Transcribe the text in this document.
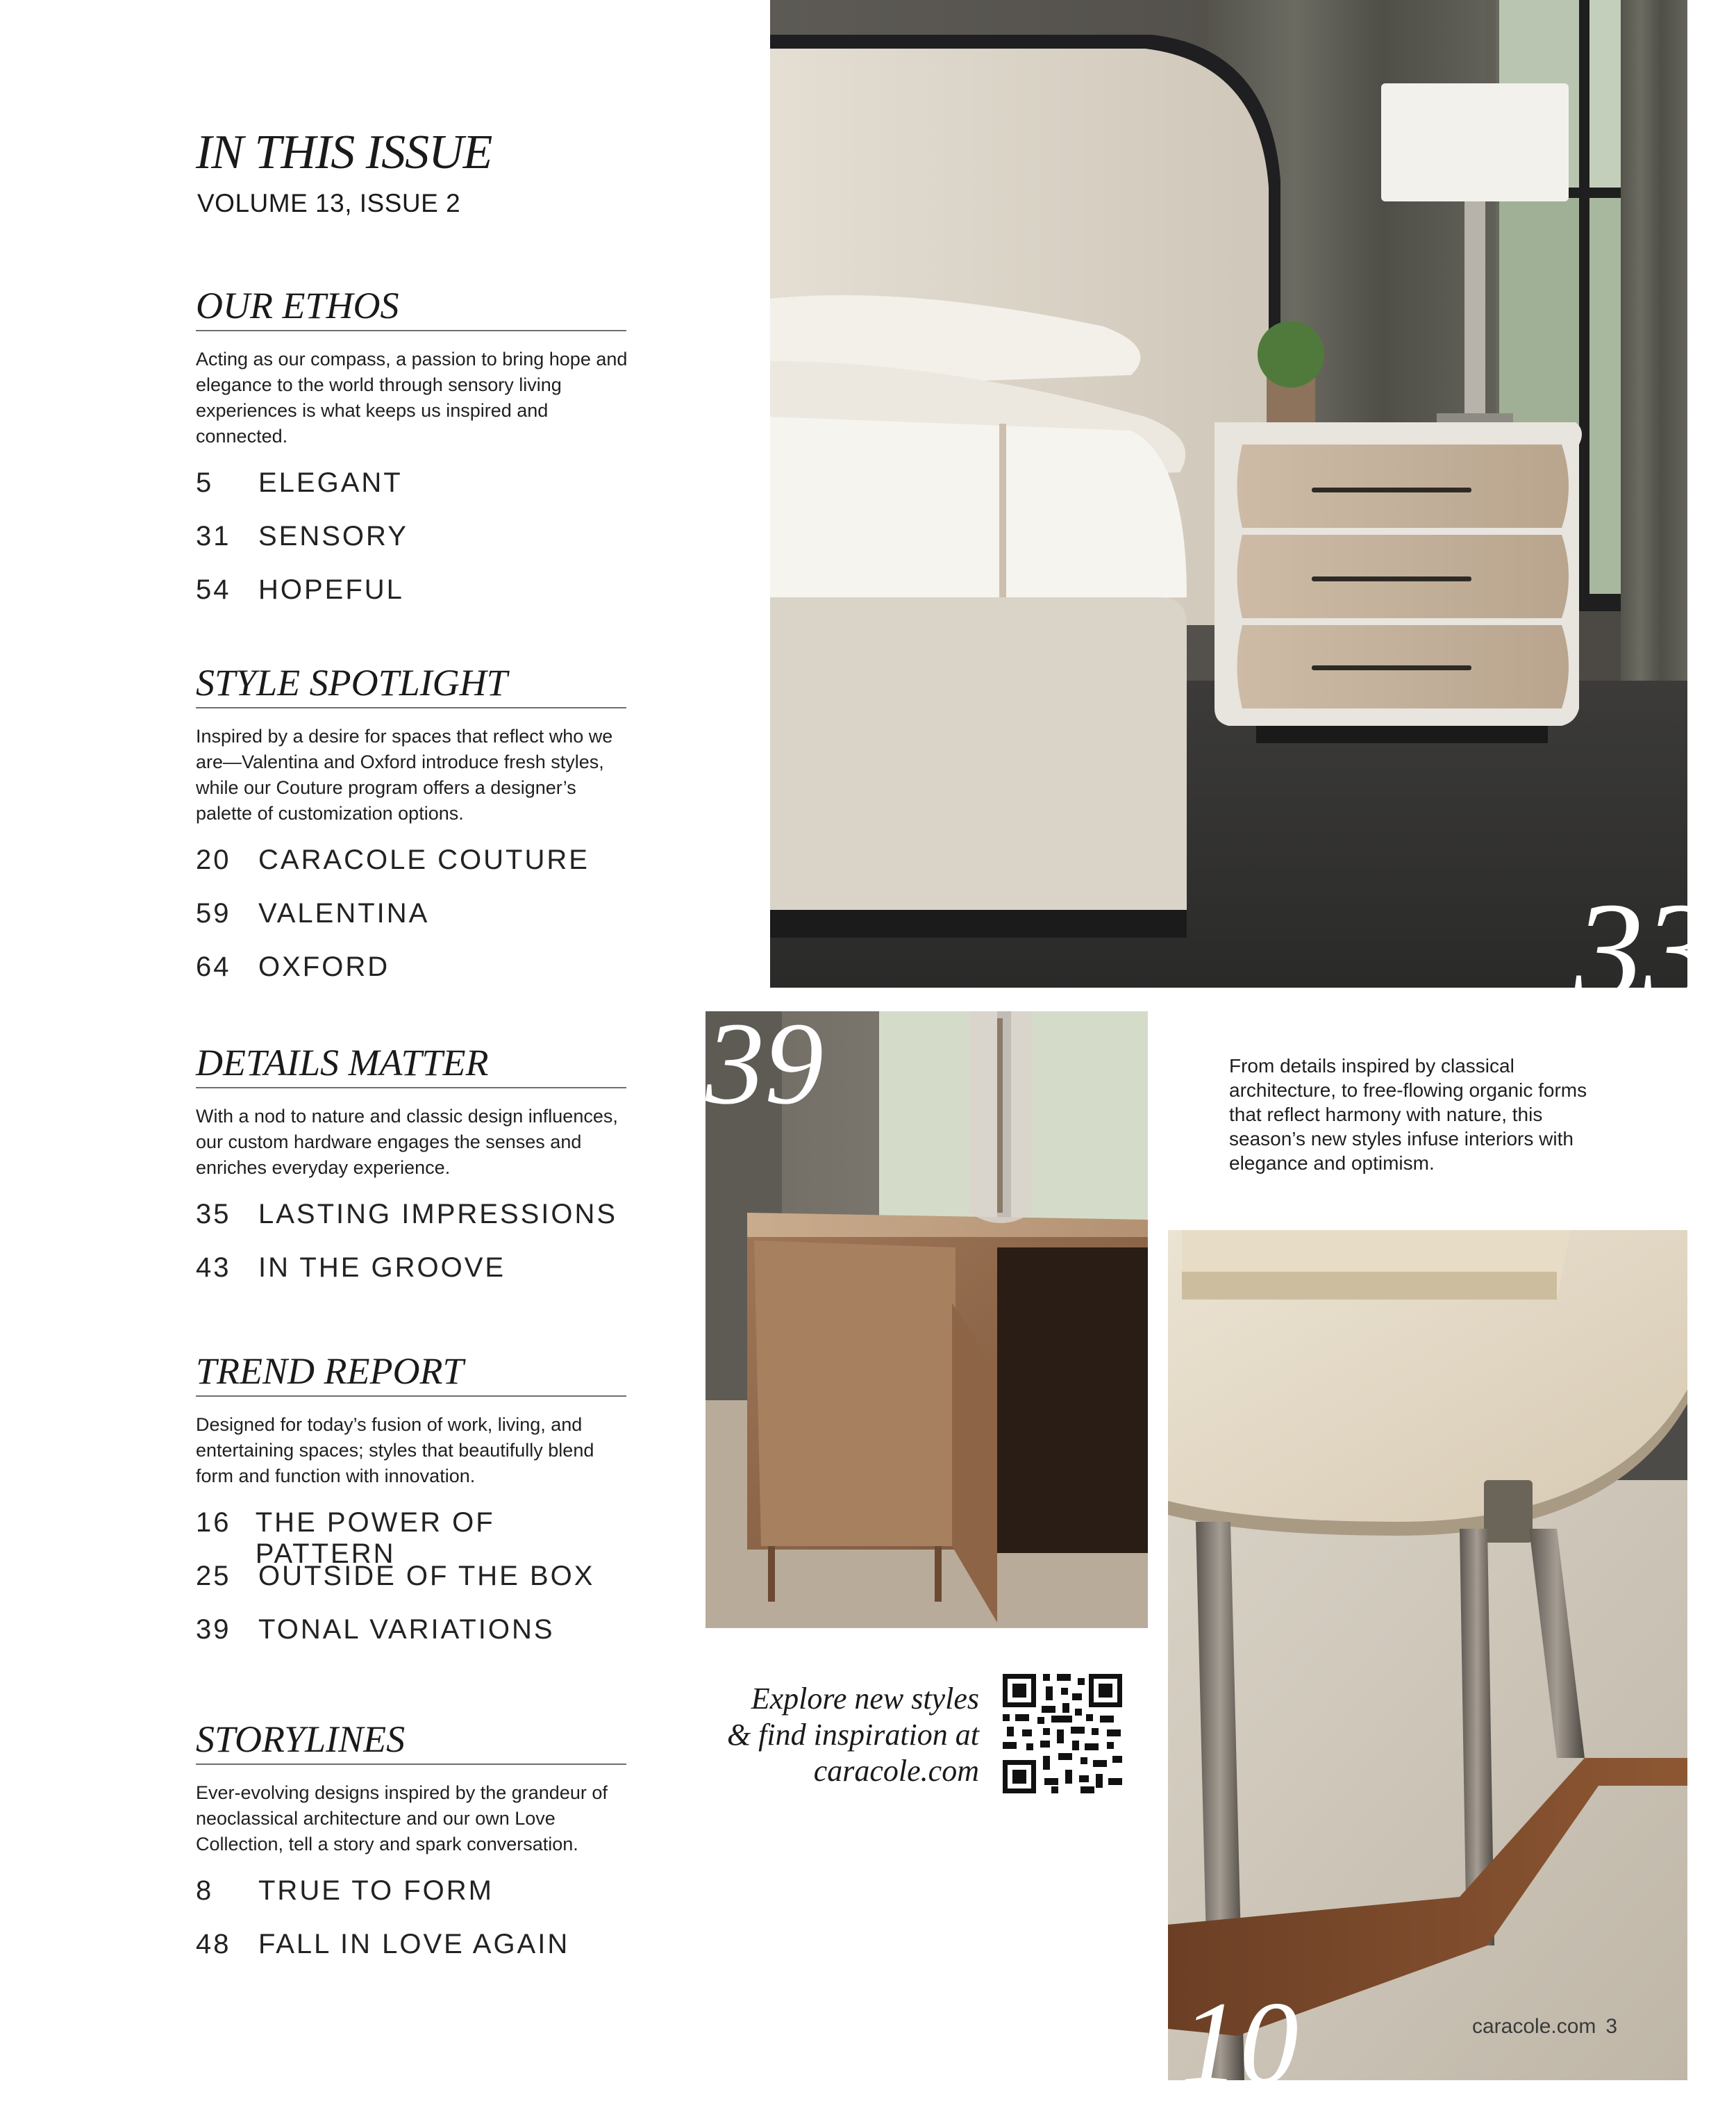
IN THIS ISSUE
VOLUME 13, ISSUE 2
OUR ETHOS

Acting as our compass, a passion to bring hope and elegance to the world through sensory living experiences is what keeps us inspired and connected.

5	ELEGANT
31 SENSORY
54 HOPEFUL
STYLE SPOTLIGHT

Inspired by a desire for spaces that reflect who we are—Valentina and Oxford introduce fresh styles, while our Couture program offers a designer’s palette of customization options.

20 CARACOLE COUTURE
59 VALENTINA
64 OXFORD
DETAILS MATTER

With a nod to nature and classic design influences, our custom hardware engages the senses and enriches everyday experience.

35 LASTING IMPRESSIONS
43 IN THE GROOVE
TREND REPORT

Designed for today’s fusion of work, living, and entertaining spaces; styles that beautifully blend form and function with innovation.

16 THE POWER OF PATTERN
25 OUTSIDE OF THE BOX
39 TONAL VARIATIONS
STORYLINES

Ever-evolving designs inspired by the grandeur of neoclassical architecture and our own Love Collection, tell a story and spark conversation.

8	TRUE TO FORM
48 FALL IN LOVE AGAIN
33
39	From details inspired by classical architecture, to free-flowing organic forms that reflect harmony with nature, this season’s new styles infuse interiors with elegance and optimism.

10
Explore new styles
& find inspiration at
caracole.com
caracole.com 3
